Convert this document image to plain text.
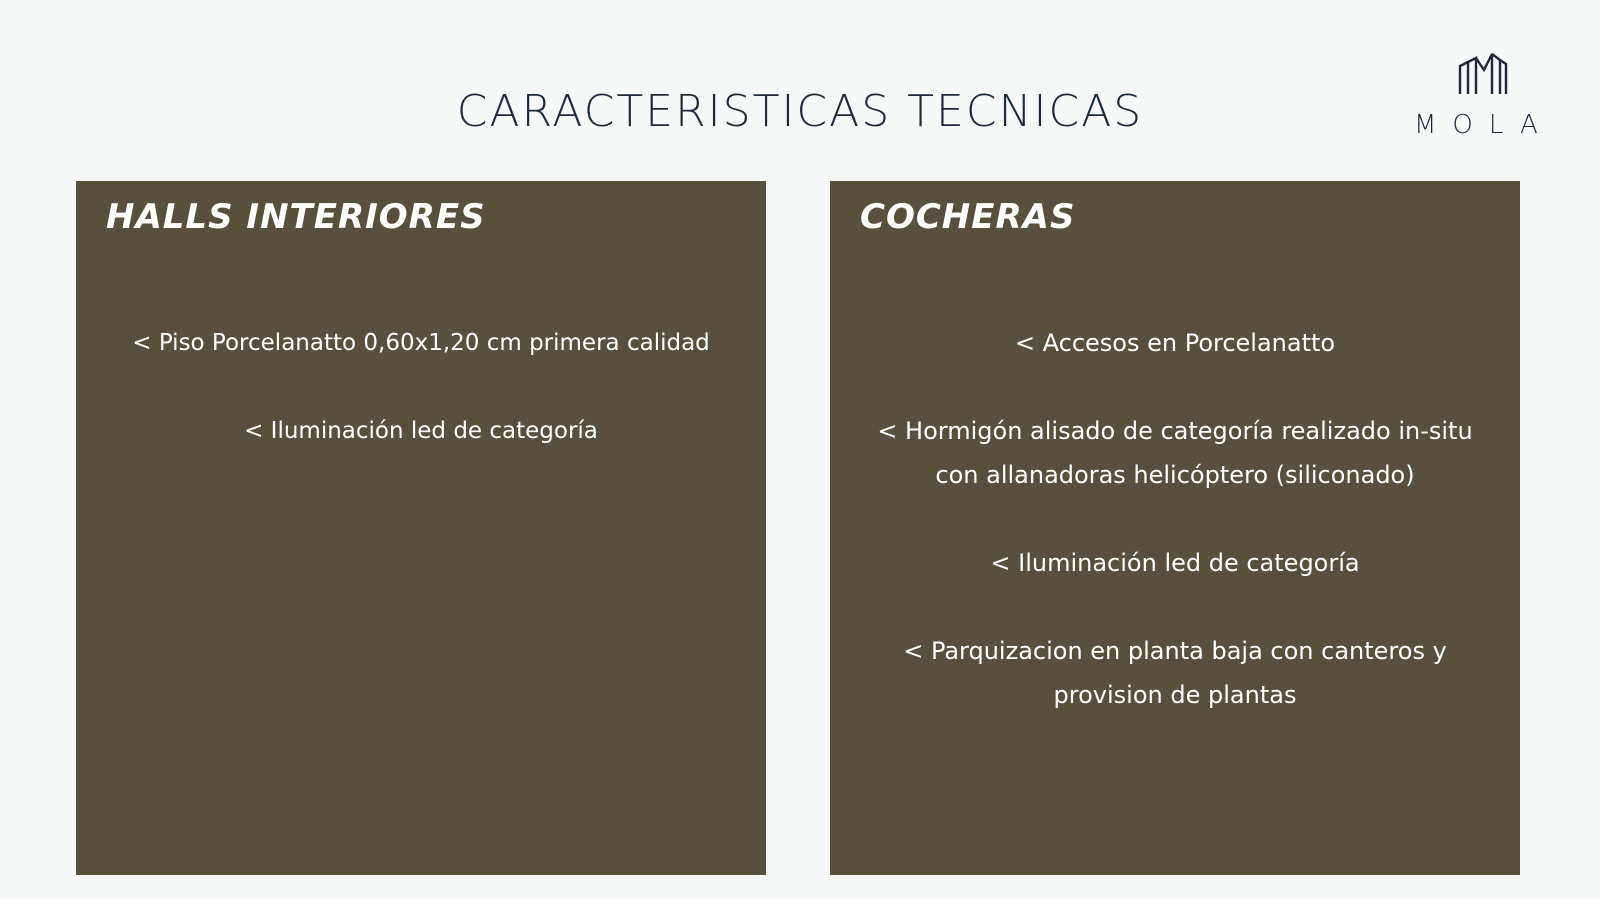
CARACTERISTICAS TECNICAS	MOLA
HALLS INTERIORES
< Piso Porcelanatto 0,60x1,20 cm primera calidad
< Iluminación led de categoría
COCHERAS
< Accesos en Porcelanatto
< Hormigón alisado de categoría realizado in-situ
con allanadoras helicóptero (siliconado)
< Iluminación led de categoría
< Parquizacion en planta baja con canteros y
provision de plantas
